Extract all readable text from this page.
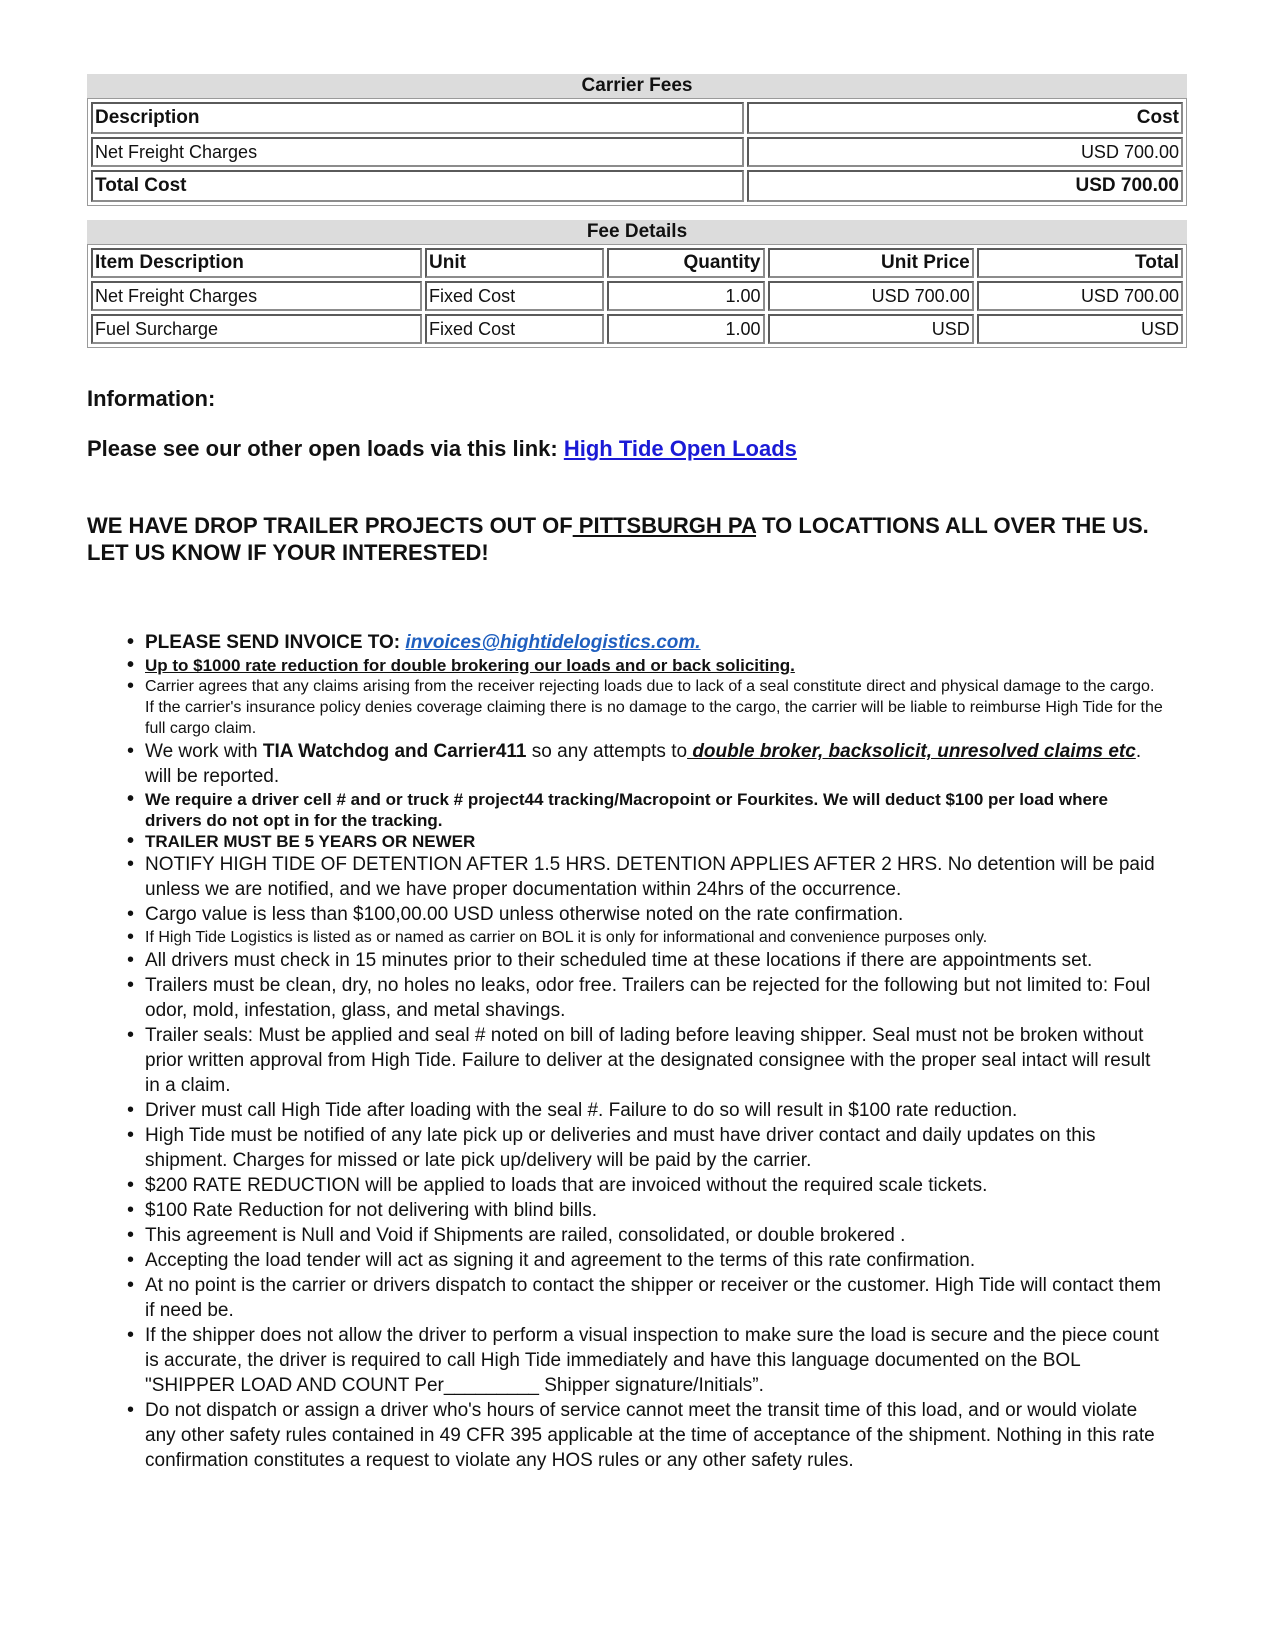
Carrier Fees
Description	Cost
Net Freight Charges	USD 700.00
Total Cost	USD 700.00
Fee Details
Item Description	Unit	Quantity	Unit Price	Total
Net Freight Charges	Fixed Cost	1.00	USD 700.00	USD 700.00
Fuel Surcharge	Fixed Cost	1.00	USD	USD
Information:
Please see our other open loads via this link: High Tide Open Loads
WE HAVE DROP TRAILER PROJECTS OUT OF PITTSBURGH PA TO LOCATTIONS ALL OVER THE US. LET US KNOW IF YOUR INTERESTED!
• PLEASE SEND INVOICE TO: invoices@hightidelogistics.com.
• Up to $1000 rate reduction for double brokering our loads and or back soliciting.
• Carrier agrees that any claims arising from the receiver rejecting loads due to lack of a seal constitute direct and physical damage to the cargo. If the carrier's insurance policy denies coverage claiming there is no damage to the cargo, the carrier will be liable to reimburse High Tide for the full cargo claim.
• We work with TIA Watchdog and Carrier411 so any attempts to double broker, backsolicit, unresolved claims etc. will be reported.
• We require a driver cell # and or truck # project44 tracking/Macropoint or Fourkites. We will deduct $100 per load where drivers do not opt in for the tracking.
• TRAILER MUST BE 5 YEARS OR NEWER
• NOTIFY HIGH TIDE OF DETENTION AFTER 1.5 HRS. DETENTION APPLIES AFTER 2 HRS. No detention will be paid unless we are notified, and we have proper documentation within 24hrs of the occurrence.
• Cargo value is less than $100,00.00 USD unless otherwise noted on the rate confirmation.
• If High Tide Logistics is listed as or named as carrier on BOL it is only for informational and convenience purposes only.
• All drivers must check in 15 minutes prior to their scheduled time at these locations if there are appointments set.
• Trailers must be clean, dry, no holes no leaks, odor free. Trailers can be rejected for the following but not limited to: Foul odor, mold, infestation, glass, and metal shavings.
• Trailer seals: Must be applied and seal # noted on bill of lading before leaving shipper. Seal must not be broken without prior written approval from High Tide. Failure to deliver at the designated consignee with the proper seal intact will result in a claim.
• Driver must call High Tide after loading with the seal #. Failure to do so will result in $100 rate reduction.
• High Tide must be notified of any late pick up or deliveries and must have driver contact and daily updates on this shipment. Charges for missed or late pick up/delivery will be paid by the carrier.
• $200 RATE REDUCTION will be applied to loads that are invoiced without the required scale tickets.
• $100 Rate Reduction for not delivering with blind bills.
• This agreement is Null and Void if Shipments are railed, consolidated, or double brokered .
• Accepting the load tender will act as signing it and agreement to the terms of this rate confirmation.
• At no point is the carrier or drivers dispatch to contact the shipper or receiver or the customer. High Tide will contact them if need be.
• If the shipper does not allow the driver to perform a visual inspection to make sure the load is secure and the piece count is accurate, the driver is required to call High Tide immediately and have this language documented on the BOL "SHIPPER LOAD AND COUNT Per_________ Shipper signature/Initials”.
• Do not dispatch or assign a driver who's hours of service cannot meet the transit time of this load, and or would violate any other safety rules contained in 49 CFR 395 applicable at the time of acceptance of the shipment. Nothing in this rate confirmation constitutes a request to violate any HOS rules or any other safety rules.
